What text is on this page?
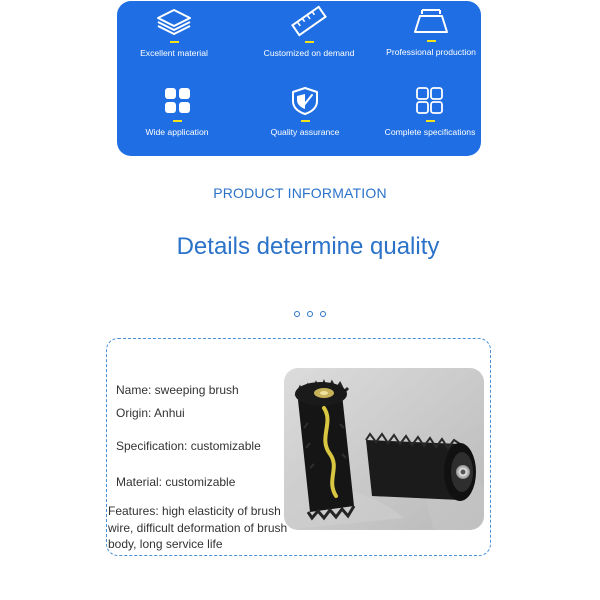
Excellent material	Customized on demand	Professional production
Wide application	Quality assurance	Complete specifications
PRODUCT INFORMATION
Details determine quality
Name: sweeping brush
Origin: Anhui
Specification: customizable
Material: customizable
Features: high elasticity of brush wire, difficult deformation of brush body, long service life
